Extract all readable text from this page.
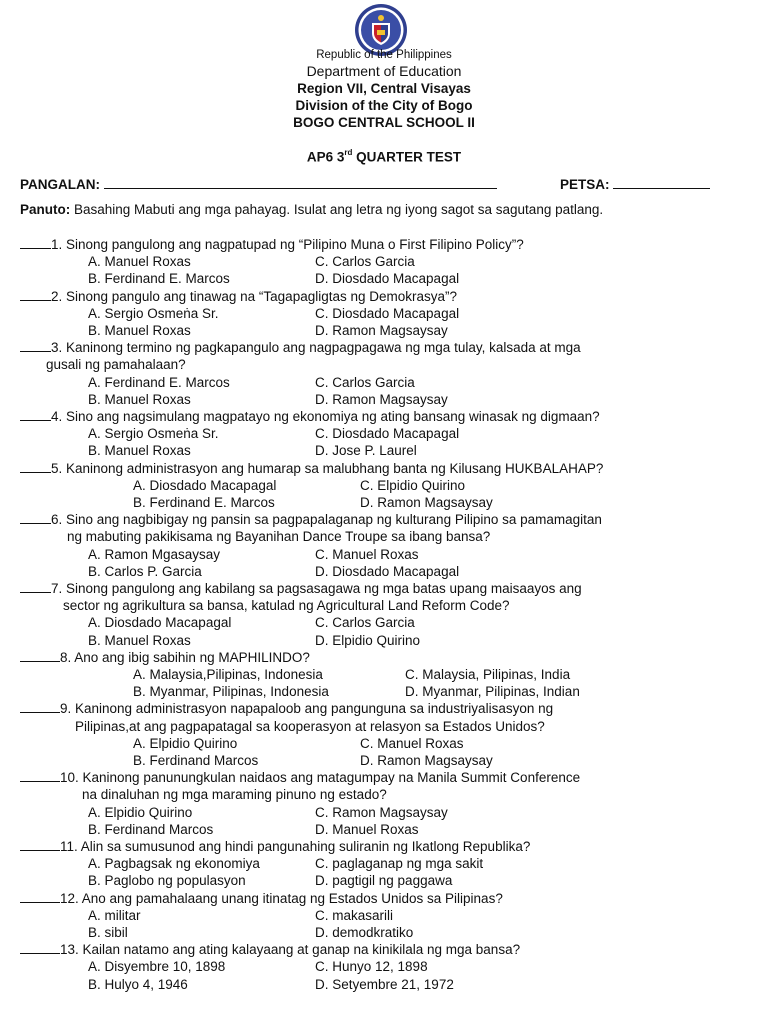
Republic of the Philippines
Department of Education
Region VII, Central Visayas
Division of the City of Bogo
BOGO CENTRAL SCHOOL II
AP6 3rd QUARTER TEST
PANGALAN:	PETSA:
Panuto: Basahing Mabuti ang mga pahayag. Isulat ang letra ng iyong sagot sa sagutang patlang.
1. Sinong pangulong ang nagpatupad ng “Pilipino Muna o First Filipino Policy”?
A. Manuel Roxas	C. Carlos Garcia
B. Ferdinand E. Marcos	D. Diosdado Macapagal
2. Sinong pangulo ang tinawag na “Tagapagligtas ng Demokrasya”?
A. Sergio Osmeṅa Sr.	C. Diosdado Macapagal
B. Manuel Roxas	D. Ramon Magsaysay
3. Kaninong termino ng pagkapangulo ang nagpagpagawa ng mga tulay, kalsada at mga
gusali ng pamahalaan?
A. Ferdinand E. Marcos	C. Carlos Garcia
B. Manuel Roxas	D. Ramon Magsaysay
4. Sino ang nagsimulang magpatayo ng ekonomiya ng ating bansang winasak ng digmaan?
A. Sergio Osmeṅa Sr.	C. Diosdado Macapagal
B. Manuel Roxas	D. Jose P. Laurel
5. Kaninong administrasyon ang humarap sa malubhang banta ng Kilusang HUKBALAHAP?
A. Diosdado Macapagal	C. Elpidio Quirino
B. Ferdinand E. Marcos	D. Ramon Magsaysay
6. Sino ang nagbibigay ng pansin sa pagpapalaganap ng kulturang Pilipino sa pamamagitan
ng mabuting pakikisama ng Bayanihan Dance Troupe sa ibang bansa?
A. Ramon Mgasaysay	C. Manuel Roxas
B. Carlos P. Garcia	D. Diosdado Macapagal
7. Sinong pangulong ang kabilang sa pagsasagawa ng mga batas upang maisaayos ang
sector ng agrikultura sa bansa, katulad ng Agricultural Land Reform Code?
A. Diosdado Macapagal	C. Carlos Garcia
B. Manuel Roxas	D. Elpidio Quirino
8. Ano ang ibig sabihin ng MAPHILINDO?
A. Malaysia,Pilipinas, Indonesia	C. Malaysia, Pilipinas, India
B. Myanmar, Pilipinas, Indonesia	D. Myanmar, Pilipinas, Indian
9. Kaninong administrasyon napapaloob ang pangunguna sa industriyalisasyon ng
Pilipinas,at ang pagpapatagal sa kooperasyon at relasyon sa Estados Unidos?
A. Elpidio Quirino	C. Manuel Roxas
B. Ferdinand Marcos	D. Ramon Magsaysay
10. Kaninong panunungkulan naidaos ang matagumpay na Manila Summit Conference
na dinaluhan ng mga maraming pinuno ng estado?
A. Elpidio Quirino	C. Ramon Magsaysay
B. Ferdinand Marcos	D. Manuel Roxas
11. Alin sa sumusunod ang hindi pangunahing suliranin ng Ikatlong Republika?
A. Pagbagsak ng ekonomiya	C. paglaganap ng mga sakit
B. Paglobo ng populasyon	D. pagtigil ng paggawa
12. Ano ang pamahalaang unang itinatag ng Estados Unidos sa Pilipinas?
A. militar	C. makasarili
B. sibil	D. demodkratiko
13. Kailan natamo ang ating kalayaang at ganap na kinikilala ng mga bansa?
A. Disyembre 10, 1898	C. Hunyo 12, 1898
B. Hulyo 4, 1946	D. Setyembre 21, 1972
